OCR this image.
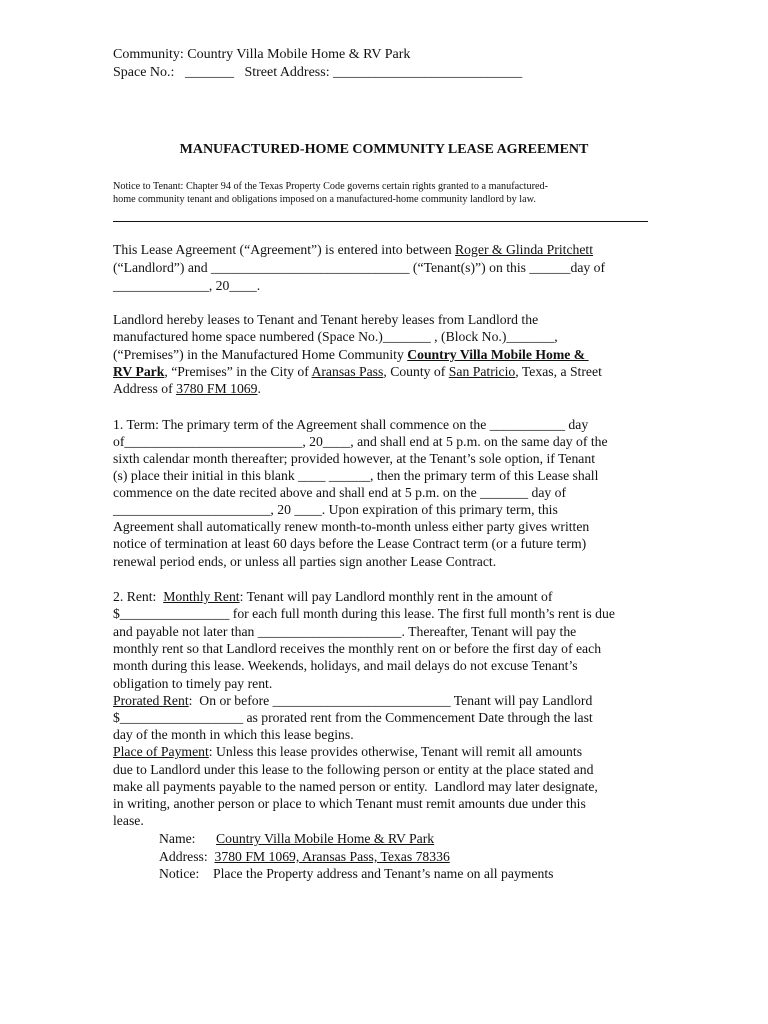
Community: Country Villa Mobile Home & RV Park
Space No.: _______ Street Address: ___________________________
MANUFACTURED-HOME COMMUNITY LEASE AGREEMENT
Notice to Tenant: Chapter 94 of the Texas Property Code governs certain rights granted to a manufactured-
home community tenant and obligations imposed on a manufactured-home community landlord by law.
This Lease Agreement (“Agreement”) is entered into between Roger & Glinda Pritchett
(“Landlord”) and _____________________________ (“Tenant(s)”) on this ______day of
______________, 20____.
Landlord hereby leases to Tenant and Tenant hereby leases from Landlord the
manufactured home space numbered (Space No.)_______ , (Block No.)_______,
(“Premises”) in the Manufactured Home Community Country Villa Mobile Home &
RV Park, “Premises” in the City of Aransas Pass, County of San Patricio, Texas, a Street
Address of 3780 FM 1069.
1. Term: The primary term of the Agreement shall commence on the ___________ day
of__________________________, 20____, and shall end at 5 p.m. on the same day of the
sixth calendar month thereafter; provided however, at the Tenant’s sole option, if Tenant
(s) place their initial in this blank ____ ______, then the primary term of this Lease shall
commence on the date recited above and shall end at 5 p.m. on the _______ day of
_______________________, 20 ____. Upon expiration of this primary term, this
Agreement shall automatically renew month-to-month unless either party gives written
notice of termination at least 60 days before the Lease Contract term (or a future term)
renewal period ends, or unless all parties sign another Lease Contract.
2. Rent:  Monthly Rent: Tenant will pay Landlord monthly rent in the amount of
$________________ for each full month during this lease. The first full month’s rent is due
and payable not later than _____________________. Thereafter, Tenant will pay the
monthly rent so that Landlord receives the monthly rent on or before the first day of each
month during this lease. Weekends, holidays, and mail delays do not excuse Tenant’s
obligation to timely pay rent.
Prorated Rent:  On or before __________________________ Tenant will pay Landlord
$__________________ as prorated rent from the Commencement Date through the last
day of the month in which this lease begins.
Place of Payment: Unless this lease provides otherwise, Tenant will remit all amounts
due to Landlord under this lease to the following person or entity at the place stated and
make all payments payable to the named person or entity.  Landlord may later designate,
in writing, another person or place to which Tenant must remit amounts due under this
lease.
Name: Country Villa Mobile Home & RV Park
Address: 3780 FM 1069, Aransas Pass, Texas 78336
Notice: Place the Property address and Tenant’s name on all payments
